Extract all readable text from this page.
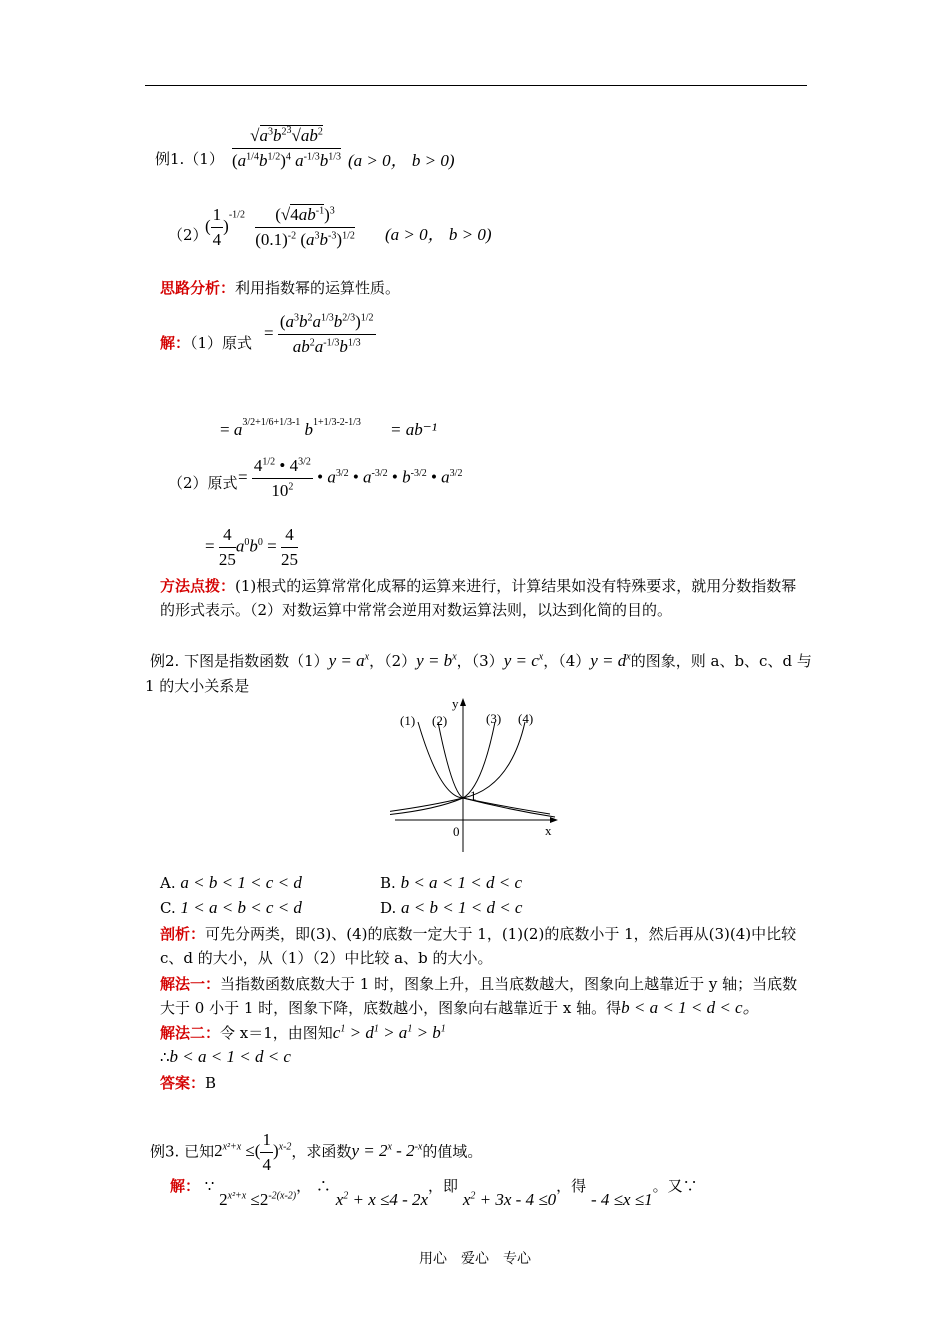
例$1.(1) \frac{√a^3b^{23}√ab^2}{(a^{1/4}b^{1/2})^4 a^{-1/3}b^{1/3}} (a > 0$， b > 0)
（2）
( $\frac{1}{4} )^{-1/2} \frac{(√4ab^{-1})^3}{(0.1)^{-2} (a^3b^{-3})^{1/2}} (a > 0$， b > 0)
思路分析：利用指数幂的运算性质。
解：（1）原式
= $\frac{(a^3b^2a^{1/3}b^{2/3})^{1/2}}{ab^2a^{-1/3}b^{1/3}}$
= $a^{3/2+1/6+1/3-1}$ $b^{1+1/3-2-1/3} = ab^{-1}$
（2）原式 = $\frac{4^{1/2} • 4^{3/2}}{10^2}$ • $a^{3/2}$ • $a^{-3/2}$ • $b^{-3/2}$ • $a^{3/2}$
= $\frac{4}{25} a^0b^0 = \frac{4}{25}$
方法点拨：(1)根式的运算常常化成幂的运算来进行，计算结果如没有特殊要求，就用分数指数幂的形式表示。（2）对数运算中常常会逆用对数运算法则，以达到化简的目的。
例2. 下图是指数函数$(1)y = a^x$，$(2)y = b^x$，$(3)y = c^x$，$(4)y = d^x$的图象，则 a、b、c、d 与
1 的大小关系是
y
x
0
1
(1) (2)	(3) (4)
A. a < b < 1 < c < d	B. b < a < 1 < d < c
C. 1 < a < b < c < d	D. a < b < 1 < d < c
剖析：可先分两类，即(3)、(4)的底数一定大于 1，(1)(2)的底数小于 1，然后再从(3)(4)中比较 c、d 的大小，从（1）（2）中比较 a、b 的大小。
解法一：当指数函数底数大于 1 时，图象上升，且当底数越大，图象向上越靠近于 y 轴；当底数大于 0 小于 1 时，图象下降，底数越小，图象向右越靠近于 x 轴。得b < a < 1 < d < c。
解法二：令 x＝1，由图知$c^1 > d^1 > a^1 > b^1$
∴b < a < 1 < d < c
答案：B
例3. 已知$2^{x^2+x}$ ≤( $\frac{1}{4} )^{x-2}$，求函数$y = 2^x - 2^{-x}$的值域。
解： ∵ $2^{x^2+x} \le 2^{-2(x-2)}$， ∴ $x^2 + x \le 4 - 2x$，即 $x^2 + 3x - 4 \le 0$，得 - 4 ≤x ≤1。又∵
用心　爱心　专心
